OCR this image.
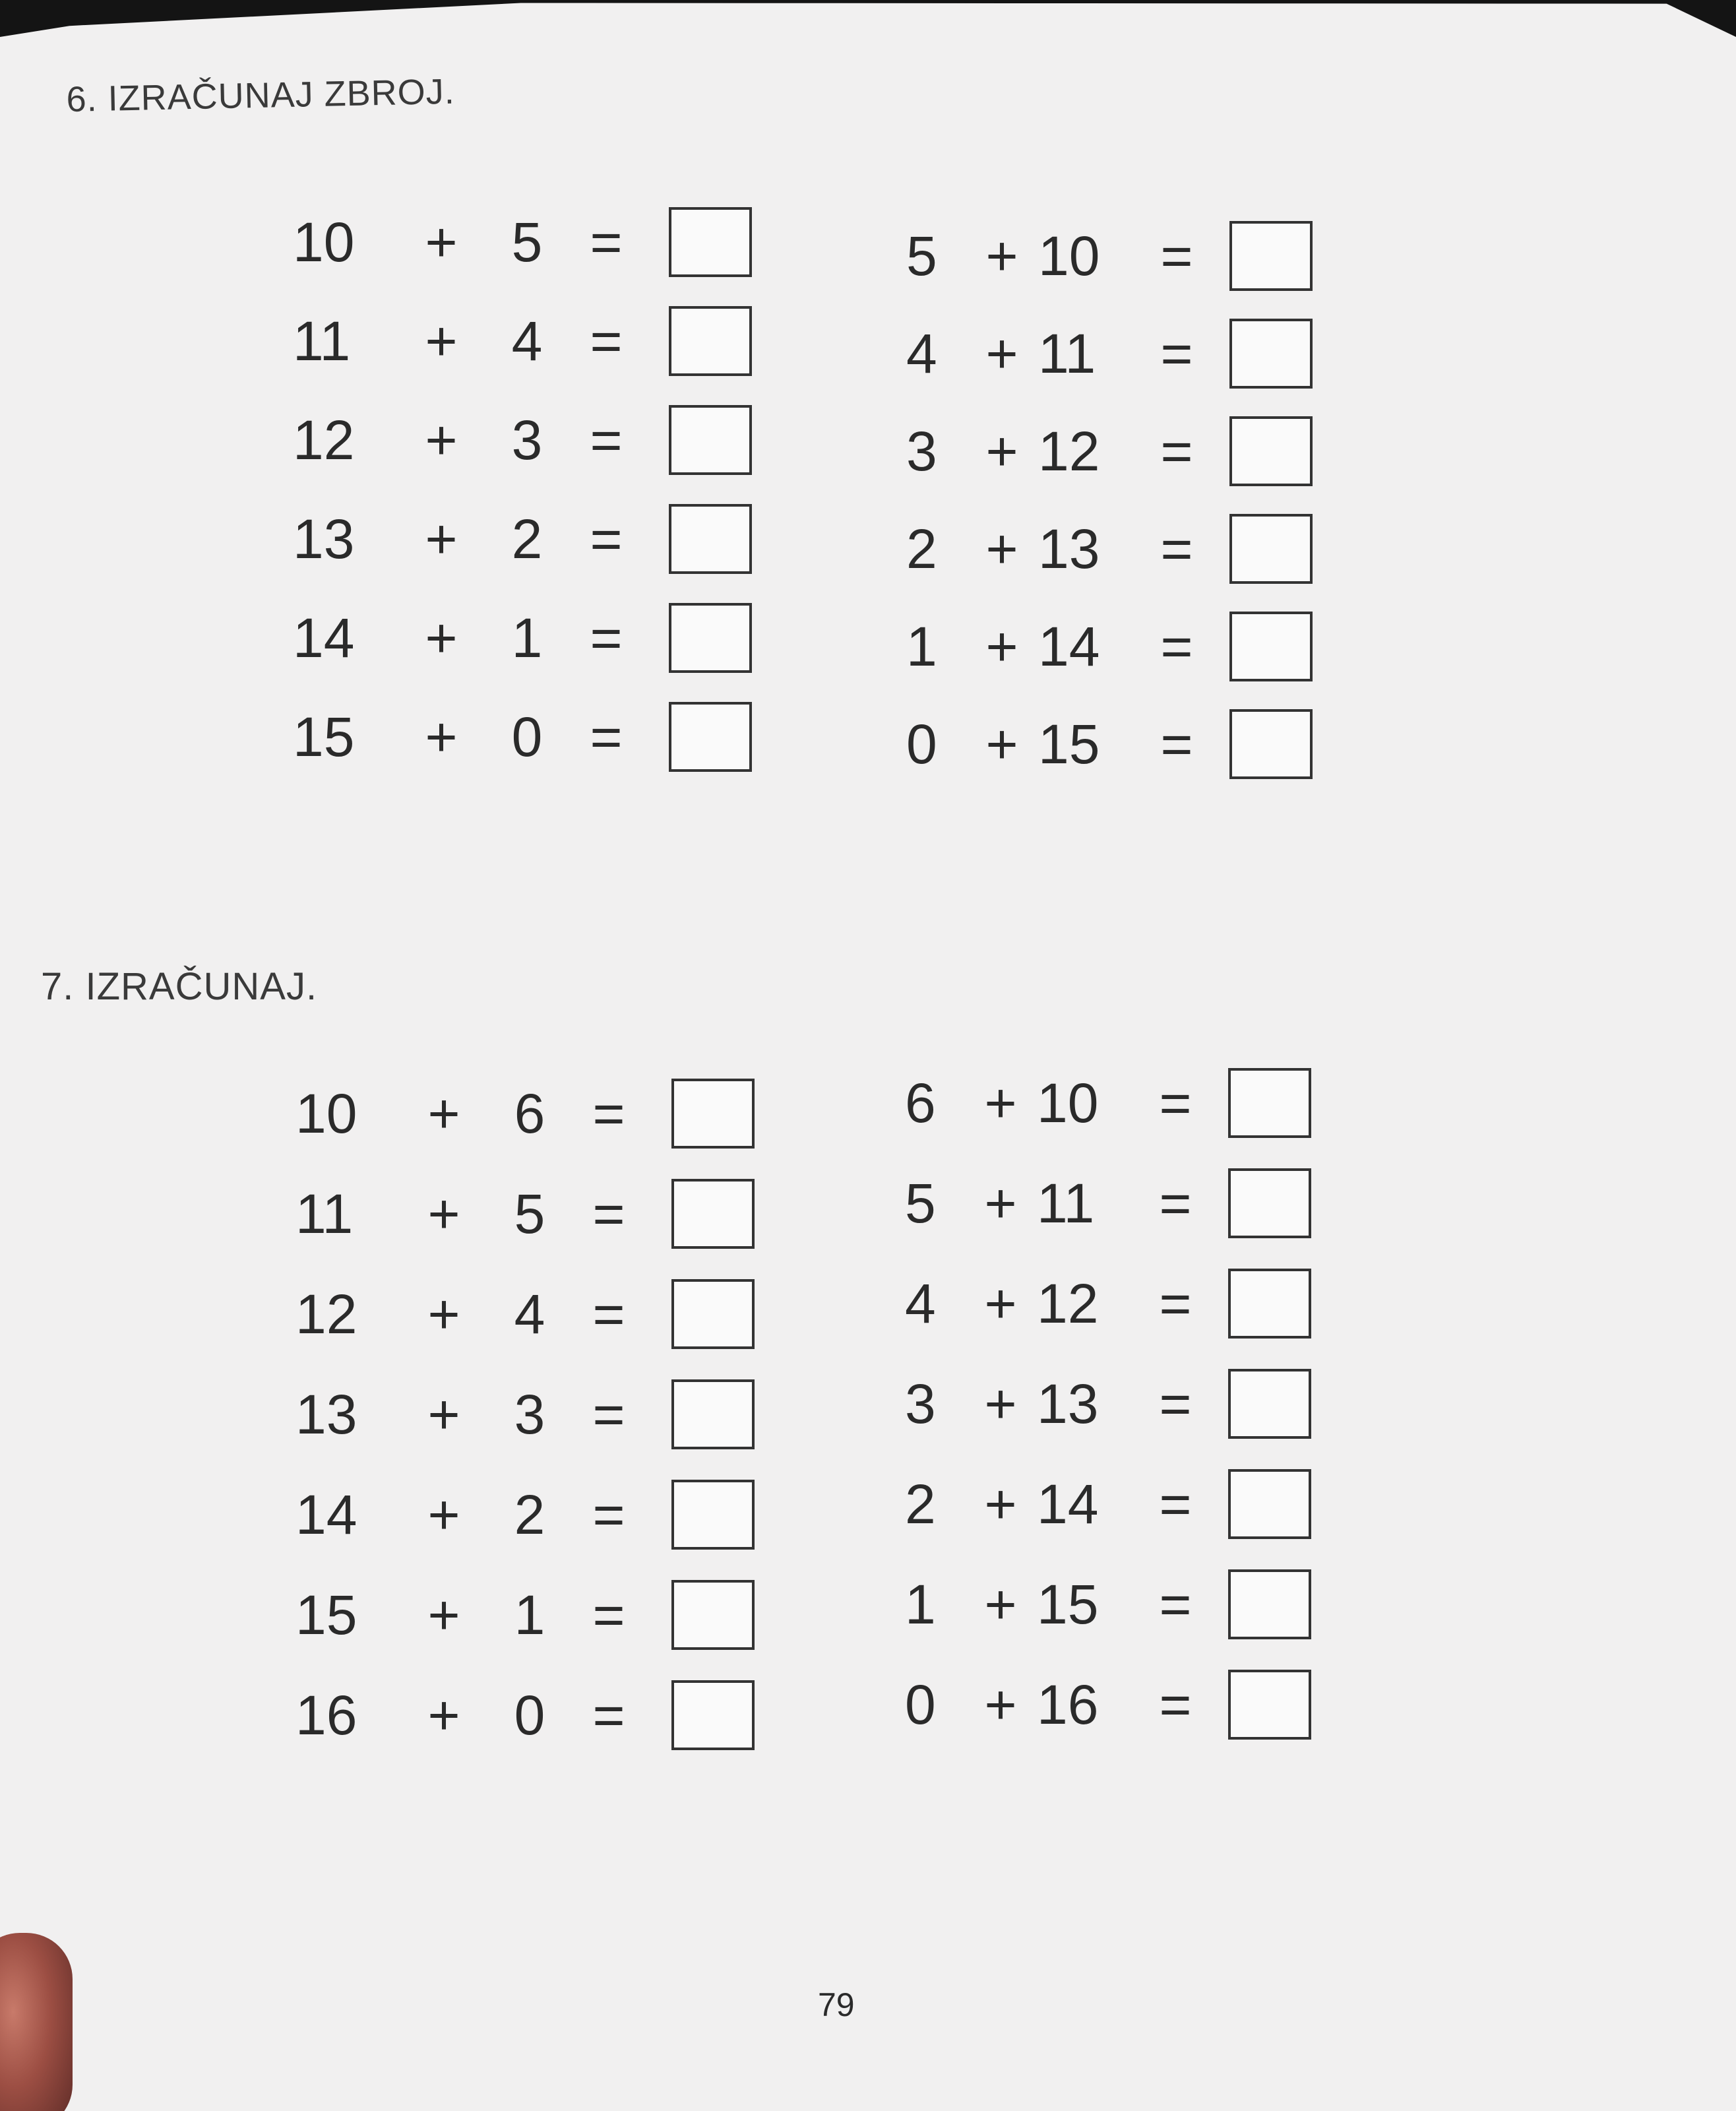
6. IZRAČUNAJ ZBROJ.
10	+ 5 =
11	+ 4 =
12	+ 3 =
13	+ 2 =
14	+ 1 =
15	+ 0 =
5 + 10	=
4 + 11	=
3 + 12	=
2 + 13	=
1 + 14	=
0 + 15	=
7. IZRAČUNAJ.
10	+ 6 =
11	+ 5 =
12	+ 4 =
13	+ 3 =
14	+ 2 =
15	+ 1 =
16	+ 0 =
6 + 10	=
5 + 11	=
4 + 12	=
3 + 13	=
2 + 14	=
1 + 15	=
0 + 16	=
79
